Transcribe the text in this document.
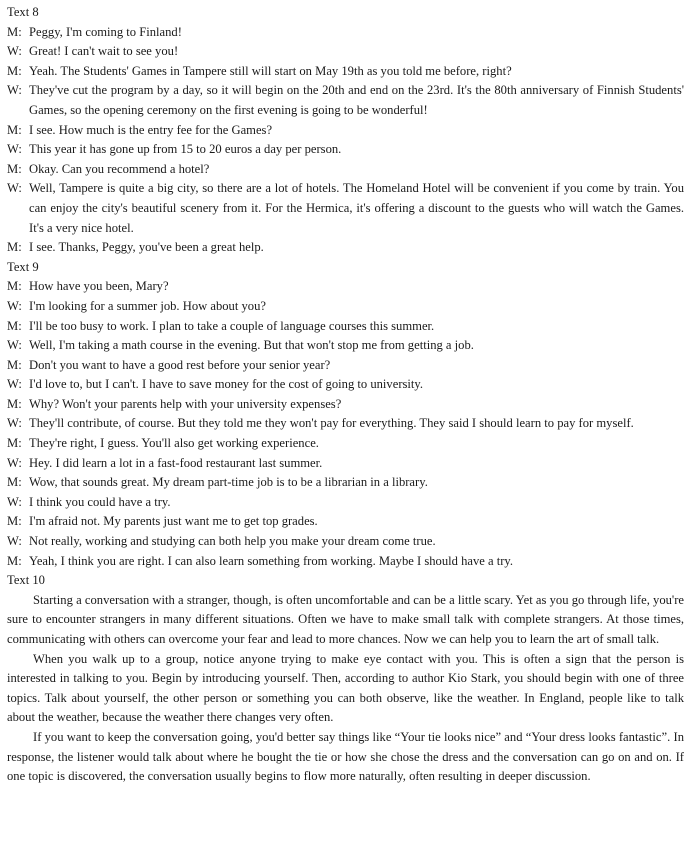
Text 8
M: Peggy, I'm coming to Finland!
W: Great! I can't wait to see you!
M: Yeah. The Students' Games in Tampere still will start on May 19th as you told me before, right?
W: They've cut the program by a day, so it will begin on the 20th and end on the 23rd. It's the 80th anniversary of Finnish Students' Games, so the opening ceremony on the first evening is going to be wonderful!
M: I see. How much is the entry fee for the Games?
W: This year it has gone up from 15 to 20 euros a day per person.
M: Okay. Can you recommend a hotel?
W: Well, Tampere is quite a big city, so there are a lot of hotels. The Homeland Hotel will be convenient if you come by train. You can enjoy the city's beautiful scenery from it. For the Hermica, it's offering a discount to the guests who will watch the Games. It's a very nice hotel.
M: I see. Thanks, Peggy, you've been a great help.
Text 9
M: How have you been, Mary?
W: I'm looking for a summer job. How about you?
M: I'll be too busy to work. I plan to take a couple of language courses this summer.
W: Well, I'm taking a math course in the evening. But that won't stop me from getting a job.
M: Don't you want to have a good rest before your senior year?
W: I'd love to, but I can't. I have to save money for the cost of going to university.
M: Why? Won't your parents help with your university expenses?
W: They'll contribute, of course. But they told me they won't pay for everything. They said I should learn to pay for myself.
M: They're right, I guess. You'll also get working experience.
W: Hey. I did learn a lot in a fast-food restaurant last summer.
M: Wow, that sounds great. My dream part-time job is to be a librarian in a library.
W: I think you could have a try.
M: I'm afraid not. My parents just want me to get top grades.
W: Not really, working and studying can both help you make your dream come true.
M: Yeah, I think you are right. I can also learn something from working. Maybe I should have a try.
Text 10
Starting a conversation with a stranger, though, is often uncomfortable and can be a little scary. Yet as you go through life, you're sure to encounter strangers in many different situations. Often we have to make small talk with complete strangers. At those times, communicating with others can overcome your fear and lead to more chances. Now we can help you to learn the art of small talk.
When you walk up to a group, notice anyone trying to make eye contact with you. This is often a sign that the person is interested in talking to you. Begin by introducing yourself. Then, according to author Kio Stark, you should begin with one of three topics. Talk about yourself, the other person or something you can both observe, like the weather. In England, people like to talk about the weather, because the weather there changes very often.
If you want to keep the conversation going, you'd better say things like “Your tie looks nice” and “Your dress looks fantastic”. In response, the listener would talk about where he bought the tie or how she chose the dress and the conversation can go on and on. If one topic is discovered, the conversation usually begins to flow more naturally, often resulting in deeper discussion.
